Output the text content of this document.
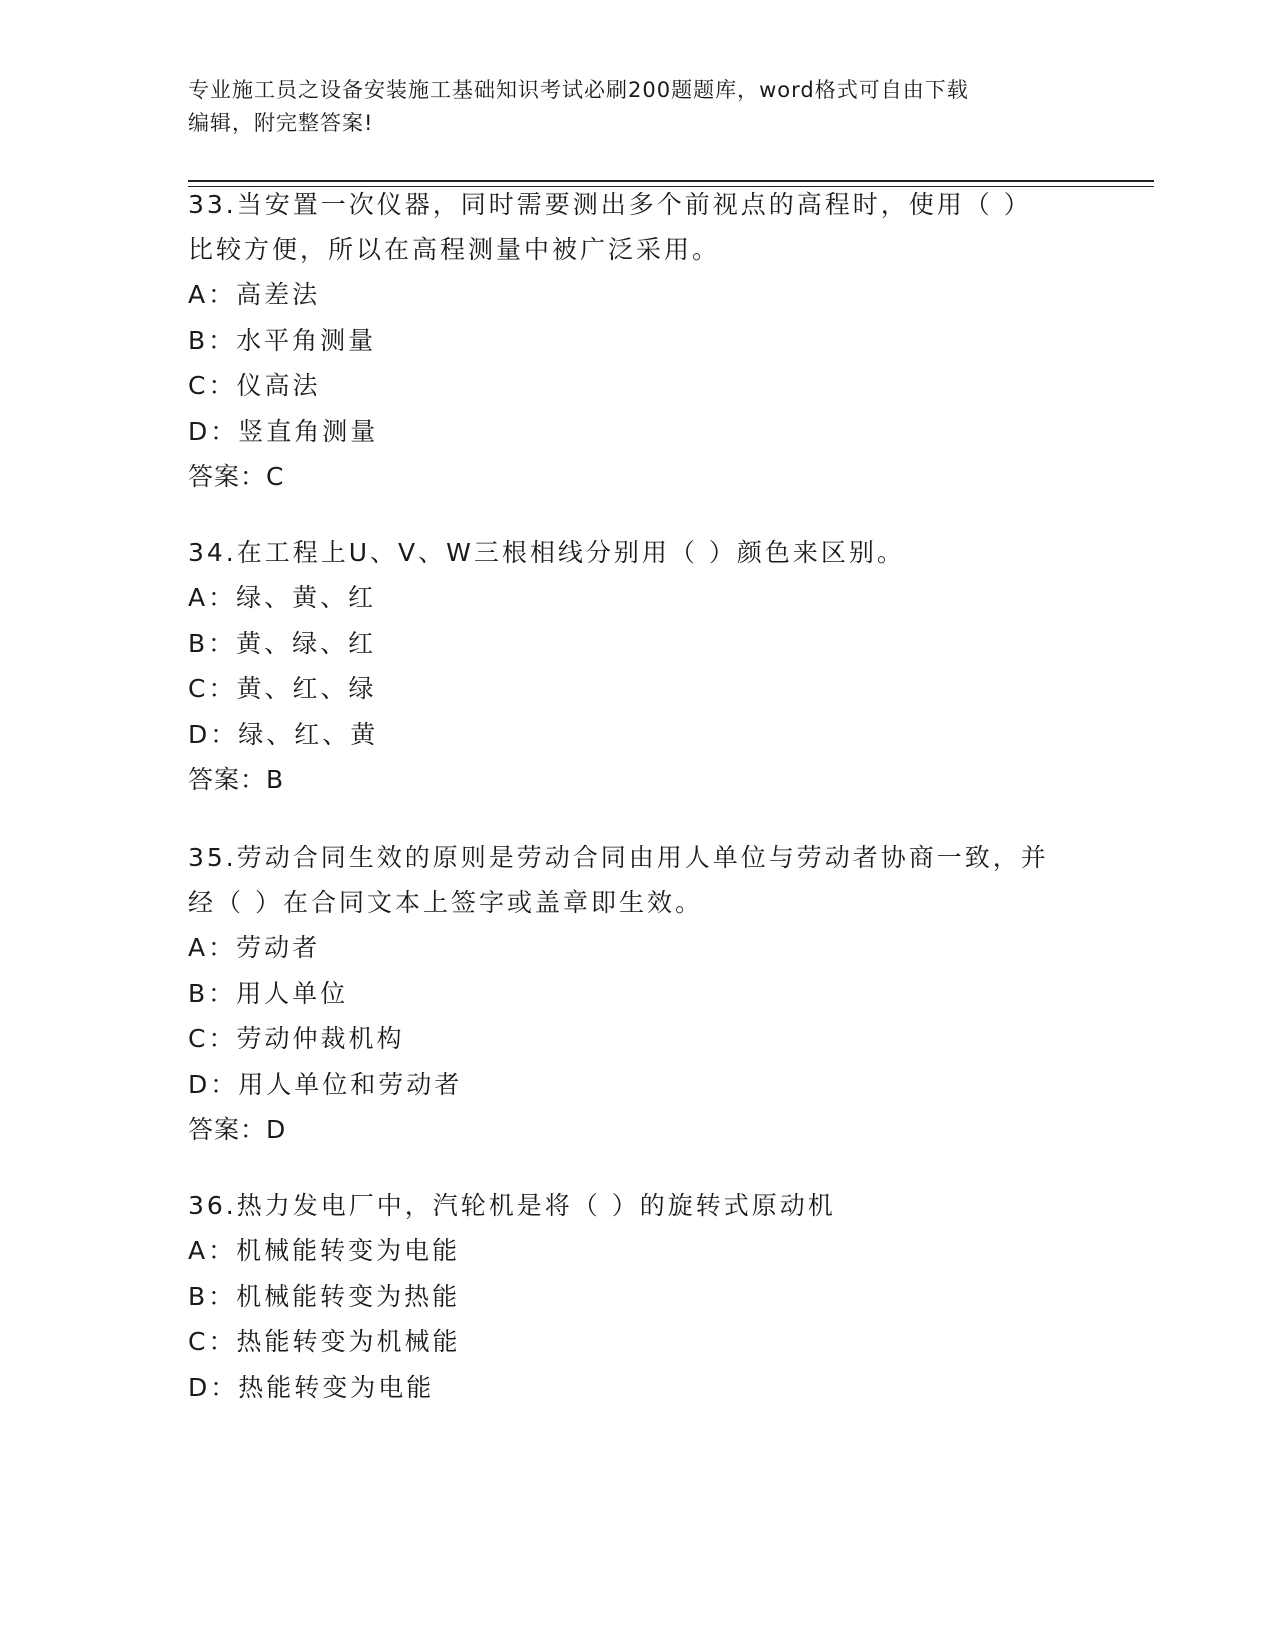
专业施工员之设备安装施工基础知识考试必刷200题题库，word格式可自由下载
编辑，附完整答案!

33.当安置一次仪器，同时需要测出多个前视点的高程时，使用（ ）

比较方便，所以在高程测量中被广泛采用。

A：高差法

B：水平角测量

C：仪高法

D：竖直角测量

答案：C

34.在工程上U、V、W三根相线分别用（ ）颜色来区别。

A：绿、黄、红

B：黄、绿、红

C：黄、红、绿

D：绿、红、黄

答案：B

35.劳动合同生效的原则是劳动合同由用人单位与劳动者协商一致，并

经（ ）在合同文本上签字或盖章即生效。

A：劳动者

B：用人单位

C：劳动仲裁机构

D：用人单位和劳动者

答案：D

36.热力发电厂中，汽轮机是将（ ）的旋转式原动机

A：机械能转变为电能

B：机械能转变为热能

C：热能转变为机械能

D：热能转变为电能
